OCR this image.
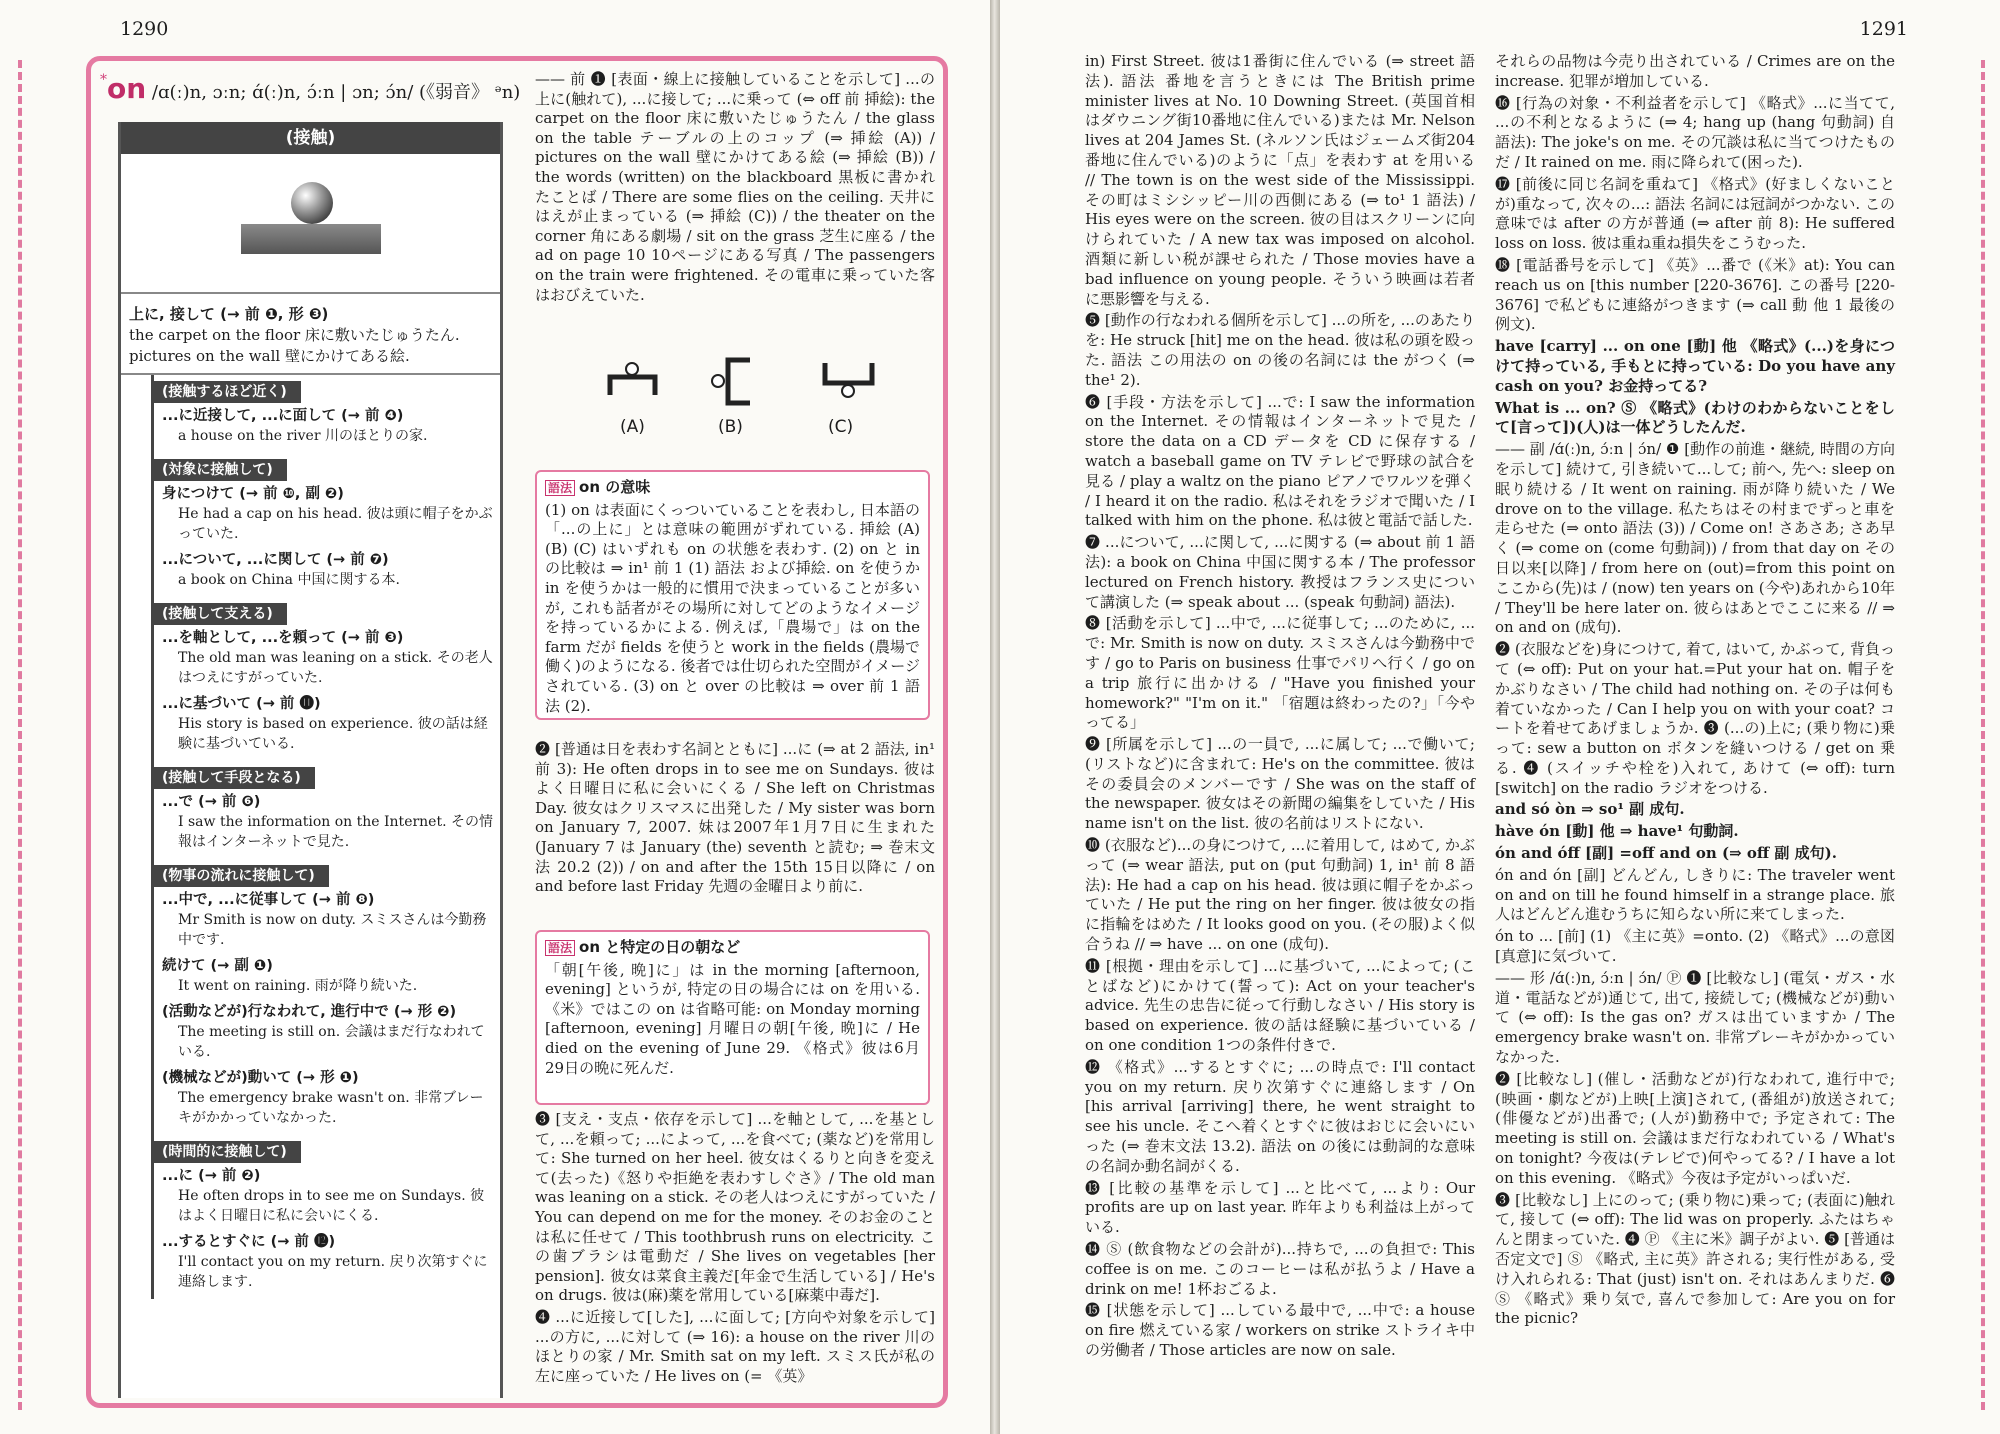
1290
*on /ɑ(ː)n, ɔːn; ɑ́(ː)n, ɔ́ːn | ɔn; ɔ́n/ (《弱音》 ᵊn)
(接触)
上に, 接して (→ 前 ❶, 形 ❸)
the carpet on the floor 床に敷いたじゅうたん.
pictures on the wall 壁にかけてある絵.
(接触するほど近く)
...に近接して, ...に面して (→ 前 ❹)
a house on the river 川のほとりの家.
(対象に接触して)
身につけて (→ 前 ❿, 副 ❷)
He had a cap on his head. 彼は頭に帽子をかぶっていた.
...について, ...に関して (→ 前 ❼)
a book on China 中国に関する本.
(接触して支える)
...を軸として, ...を頼って (→ 前 ❸)
The old man was leaning on a stick. その老人はつえにすがっていた.
...に基づいて (→ 前 ⓫)
His story is based on experience. 彼の話は経験に基づいている.
(接触して手段となる)
...で (→ 前 ❻)
I saw the information on the Internet. その情報はインターネットで見た.
(物事の流れに接触して)
...中で, ...に従事して (→ 前 ❽)
Mr Smith is now on duty. スミスさんは今勤務中です.
続けて (→ 副 ❶)
It went on raining. 雨が降り続いた.
(活動などが)行なわれて, 進行中で (→ 形 ❷)
The meeting is still on. 会議はまだ行なわれている.
(機械などが)動いて (→ 形 ❶)
The emergency brake wasn't on. 非常ブレーキがかかっていなかった.
(時間的に接触して)
...に (→ 前 ❷)
He often drops in to see me on Sundays. 彼はよく日曜日に私に会いにくる.
...するとすぐに (→ 前 ⓬)
I'll contact you on my return. 戻り次第すぐに連絡します.

—— 前 ❶ [表面・線上に接触していることを示して] ...の上に(触れて), ...に接して; ...に乗って (⇔ off 前 挿絵): the carpet on the floor 床に敷いたじゅうたん / the glass on the table テーブルの上のコップ (⇒ 挿絵 (A)) / pictures on the wall 壁にかけてある絵 (⇒ 挿絵 (B)) / the words (written) on the blackboard 黒板に書かれたことば / There are some flies on the ceiling. 天井にはえが止まっている (⇒ 挿絵 (C)) / the theater on the corner 角にある劇場 / sit on the grass 芝生に座る / the ad on page 10 10ページにある写真 / The passengers on the train were frightened. その電車に乗っていた客はおびえていた.

(A)	(B)	(C)
語法 on の意味
(1) on は表面にくっついていることを表わし, 日本語の「...の上に」とは意味の範囲がずれている. 挿絵 (A) (B) (C) はいずれも on の状態を表わす. (2) on と in の比較は ⇒ in¹ 前 1 (1) 語法 および挿絵. on を使うか in を使うかは一般的に慣用で決まっていることが多いが, これも話者がその場所に対してどのようなイメージを持っているかによる. 例えば,「農場で」は on the farm だが fields を使うと work in the fields (農場で働く)のようになる. 後者では仕切られた空間がイメージされている. (3) on と over の比較は ⇒ over 前 1 語法 (2).

❷ [普通は日を表わす名詞とともに] ...に (⇒ at 2 語法, in¹ 前 3): He often drops in to see me on Sundays. 彼はよく日曜日に私に会いにくる / She left on Christmas Day. 彼女はクリスマスに出発した / My sister was born on January 7, 2007. 妹は2007年1月7日に生まれた (January 7 は January (the) seventh と読む; ⇒ 巻末文法 20.2 (2)) / on and after the 15th 15日以降に / on and before last Friday 先週の金曜日より前に.

語法 on と特定の日の朝など
「朝[午後, 晩]に」は in the morning [afternoon, evening] というが, 特定の日の場合には on を用いる. 《米》ではこの on は省略可能: on Monday morning [afternoon, evening] 月曜日の朝[午後, 晩]に / He died on the evening of June 29. 《格式》彼は6月29日の晩に死んだ.

❸ [支え・支点・依存を示して] ...を軸として, ...を基として, ...を頼って; ...によって, ...を食べて; (薬など)を常用して: She turned on her heel. 彼女はくるりと向きを変えて(去った)《怒りや拒絶を表わすしぐさ》/ The old man was leaning on a stick. その老人はつえにすがっていた / You can depend on me for the money. そのお金のことは私に任せて / This toothbrush runs on electricity. この歯ブラシは電動だ / She lives on vegetables [her pension]. 彼女は菜食主義だ[年金で生活している] / He's on drugs. 彼は(麻)薬を常用している[麻薬中毒だ].

❹ ...に近接して[した], ...に面して; [方向や対象を示して] ...の方に, ...に対して (⇒ 16): a house on the river 川のほとりの家 / Mr. Smith sat on my left. スミス氏が私の左に座っていた / He lives on (= 《英》

1291

in) First Street. 彼は1番街に住んでいる (⇒ street 語法). 語法 番地を言うときには The British prime minister lives at No. 10 Downing Street. (英国首相はダウニング街10番地に住んでいる)または Mr. Nelson lives at 204 James St. (ネルソン氏はジェームズ街204番地に住んでいる)のように「点」を表わす at を用いる // The town is on the west side of the Mississippi. その町はミシシッピー川の西側にある (⇒ to¹ 1 語法) / His eyes were on the screen. 彼の目はスクリーンに向けられていた / A new tax was imposed on alcohol. 酒類に新しい税が課せられた / Those movies have a bad influence on young people. そういう映画は若者に悪影響を与える.

❺ [動作の行なわれる個所を示して] ...の所を, ...のあたりを: He struck [hit] me on the head. 彼は私の頭を殴った. 語法 この用法の on の後の名詞には the がつく (⇒ the¹ 2).

❻ [手段・方法を示して] ...で: I saw the information on the Internet. その情報はインターネットで見た / store the data on a CD データを CD に保存する / watch a baseball game on TV テレビで野球の試合を見る / play a waltz on the piano ピアノでワルツを弾く / I heard it on the radio. 私はそれをラジオで聞いた / I talked with him on the phone. 私は彼と電話で話した.

❼ ...について, ...に関して, ...に関する (⇒ about 前 1 語法): a book on China 中国に関する本 / The professor lectured on French history. 教授はフランス史について講演した (⇒ speak about ... (speak 句動詞) 語法).

❽ [活動を示して] ...中で, ...に従事して; ...のために, ...で: Mr. Smith is now on duty. スミスさんは今勤務中です / go to Paris on business 仕事でパリへ行く / go on a trip 旅行に出かける / "Have you finished your homework?" "I'm on it." 「宿題は終わったの?」「今やってる」

❾ [所属を示して] ...の一員で, ...に属して; ...で働いて; (リストなど)に含まれて: He's on the committee. 彼はその委員会のメンバーです / She was on the staff of the newspaper. 彼女はその新聞の編集をしていた / His name isn't on the list. 彼の名前はリストにない.

❿ (衣服など)...の身につけて, ...に着用して, はめて, かぶって (⇒ wear 語法, put on (put 句動詞) 1, in¹ 前 8 語法): He had a cap on his head. 彼は頭に帽子をかぶっていた / He put the ring on her finger. 彼は彼女の指に指輪をはめた / It looks good on you. (その服)よく似合うね // ⇒ have ... on one (成句).

⓫ [根拠・理由を示して] ...に基づいて, ...によって; (ことばなど)にかけて(誓って): Act on your teacher's advice. 先生の忠告に従って行動しなさい / His story is based on experience. 彼の話は経験に基づいている / on one condition 1つの条件付きで.

⓬ 《格式》...するとすぐに; ...の時点で: I'll contact you on my return. 戻り次第すぐに連絡します / On [his arrival [arriving] there, he went straight to see his uncle. そこへ着くとすぐに彼はおじに会いにいった (⇒ 巻末文法 13.2). 語法 on の後には動詞的な意味の名詞か動名詞がくる.

⓭ [比較の基準を示して] ...と比べて, ...より: Our profits are up on last year. 昨年よりも利益は上がっている.

⓮ Ⓢ (飲食物などの会計が)...持ちで, ...の負担で: This coffee is on me. このコーヒーは私が払うよ / Have a drink on me! 1杯おごるよ.

⓯ [状態を示して] ...している最中で, ...中で: a house on fire 燃えている家 / workers on strike ストライキ中の労働者 / Those articles are now on sale.

それらの品物は今売り出されている / Crimes are on the increase. 犯罪が増加している.

⓰ [行為の対象・不利益者を示して] 《略式》...に当てて, ...の不利となるように (⇒ 4; hang up (hang 句動詞) 自 語法): The joke's on me. その冗談は私に当てつけたものだ / It rained on me. 雨に降られて(困った).

⓱ [前後に同じ名詞を重ねて] 《格式》(好ましくないことが)重なって, 次々の...: 語法 名詞には冠詞がつかない. この意味では after の方が普通 (⇒ after 前 8): He suffered loss on loss. 彼は重ね重ね損失をこうむった.

⓲ [電話番号を示して] 《英》...番で (《米》at): You can reach us on [this number [220-3676]. この番号 [220-3676] で私どもに連絡がつきます (⇒ call 動 他 1 最後の例文).

have [carry] ... on one [動] 他 《略式》(...)を身につけて持っている, 手もとに持っている: Do you have any cash on you? お金持ってる?

What is ... on? Ⓢ 《略式》(わけのわからないことをして[言って])(人)は一体どうしたんだ.

—— 副 /ɑ́(ː)n, ɔ́ːn | ɔ́n/ ❶ [動作の前進・継続, 時間の方向を示して] 続けて, 引き続いて...して; 前へ, 先へ: sleep on 眠り続ける / It went on raining. 雨が降り続いた / We drove on to the village. 私たちはその村までずっと車を走らせた (⇒ onto 語法 (3)) / Come on! さあさあ; さあ早く (⇒ come on (come 句動詞)) / from that day on その日以来[以降] / from here on (out)=from this point on ここから(先)は / (now) ten years on (今や)あれから10年 / They'll be here later on. 彼らはあとでここに来る // ⇒ on and on (成句).

❷ (衣服などを)身につけて, 着て, はいて, かぶって, 背負って (⇔ off): Put on your hat.=Put your hat on. 帽子をかぶりなさい / The child had nothing on. その子は何も着ていなかった / Can I help you on with your coat? コートを着せてあげましょうか. ❸ (...の)上に; (乗り物に)乗って: sew a button on ボタンを縫いつける / get on 乗る. ❹ (スイッチや栓を)入れて, あけて (⇔ off): turn [switch] on the radio ラジオをつける.

and só òn ⇒ so¹ 副 成句.

hàve ón [動] 他 ⇒ have¹ 句動詞.

ón and óff [副] =off and on (⇒ off 副 成句).

ón and ón [副] どんどん, しきりに: The traveler went on and on till he found himself in a strange place. 旅人はどんどん進むうちに知らない所に来てしまった.

ón to ... [前] (1) 《主に英》=onto. (2) 《略式》...の意図[真意]に気づいて.

—— 形 /ɑ́(ː)n, ɔ́ːn | ɔ́n/ Ⓟ ❶ [比較なし] (電気・ガス・水道・電話などが)通じて, 出て, 接続して; (機械などが)動いて (⇔ off): Is the gas on? ガスは出ていますか / The emergency brake wasn't on. 非常ブレーキがかかっていなかった.

❷ [比較なし] (催し・活動などが)行なわれて, 進行中で; (映画・劇などが)上映[上演]されて, (番組が)放送されて; (俳優などが)出番で; (人が)勤務中で; 予定されて: The meeting is still on. 会議はまだ行なわれている / What's on tonight? 今夜は(テレビで)何やってる? / I have a lot on this evening. 《略式》今夜は予定がいっぱいだ.

❸ [比較なし] 上にのって; (乗り物に)乗って; (表面に)触れて, 接して (⇔ off): The lid was on properly. ふたはちゃんと閉まっていた. ❹ Ⓟ 《主に米》調子がよい. ❺ [普通は否定文で] Ⓢ 《略式, 主に英》許される; 実行性がある, 受け入れられる: That (just) isn't on. それはあんまりだ. ❻ Ⓢ 《略式》乗り気で, 喜んで参加して: Are you on for the picnic?
